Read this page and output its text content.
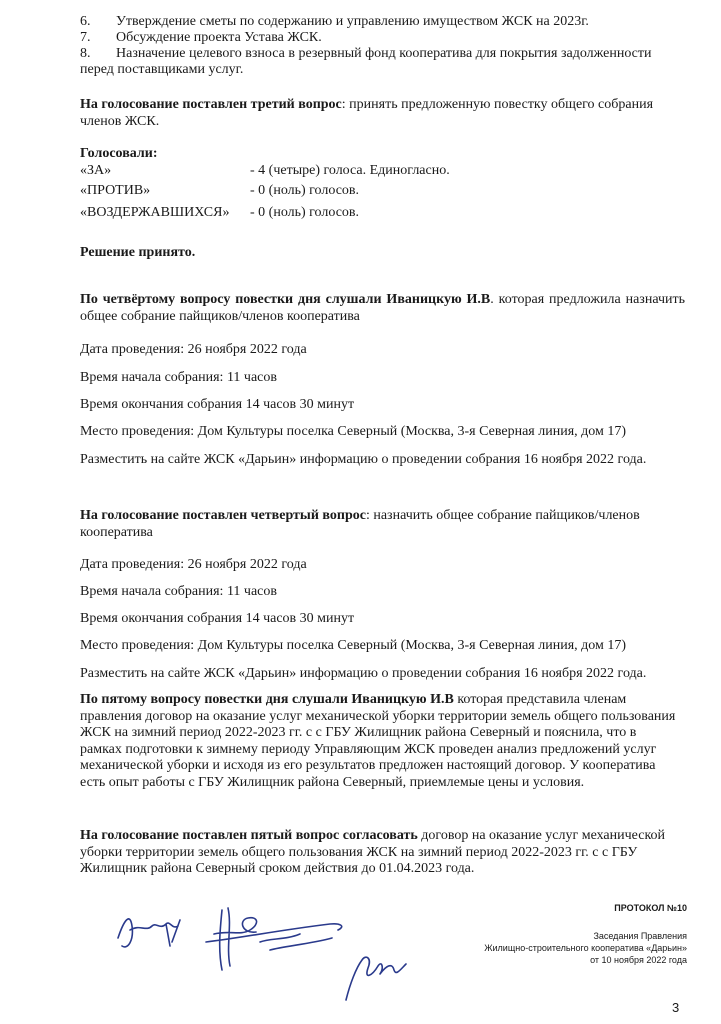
6. Утверждение сметы по содержанию и управлению имуществом ЖСК на 2023г.
7. Обсуждение проекта Устава ЖСК.
8. Назначение целевого взноса в резервный фонд кооператива для покрытия задолженности
перед поставщиками услуг.
На голосование поставлен третий вопрос: принять предложенную повестку общего собрания членов ЖСК.
Голосовали:
«ЗА»	- 4 (четыре) голоса. Единогласно.
«ПРОТИВ»	- 0 (ноль) голосов.
«ВОЗДЕРЖАВШИХСЯ» - 0 (ноль) голосов.
Решение принято.
По четвёртому вопросу повестки дня слушали Иваницкую И.В. которая предложила назначить общее собрание пайщиков/членов кооператива
Дата проведения: 26 ноября 2022 года
Время начала собрания: 11 часов
Время окончания собрания 14 часов 30 минут
Место проведения: Дом Культуры поселка Северный (Москва, 3-я Северная линия, дом 17)
Разместить на сайте ЖСК «Дарьин» информацию о проведении собрания 16 ноября 2022 года.
На голосование поставлен четвертый вопрос: назначить общее собрание пайщиков/членов кооператива
Дата проведения: 26 ноября 2022 года
Время начала собрания: 11 часов
Время окончания собрания 14 часов 30 минут
Место проведения: Дом Культуры поселка Северный (Москва, 3-я Северная линия, дом 17)
Разместить на сайте ЖСК «Дарьин» информацию о проведении собрания 16 ноября 2022 года.
По пятому вопросу повестки дня слушали Иваницкую И.В которая представила членам правления договор на оказание услуг механической уборки территории земель общего пользования ЖСК на зимний период 2022-2023 гг. с с ГБУ Жилищник района Северный и пояснила, что в рамках подготовки к зимнему периоду Управляющим ЖСК проведен анализ предложений услуг механической уборки и исходя из его результатов предложен настоящий договор. У кооператива есть опыт работы с ГБУ Жилищник района Северный, приемлемые цены и условия.
На голосование поставлен пятый вопрос согласовать договор на оказание услуг механической уборки территории земель общего пользования ЖСК на зимний период 2022-2023 гг. с с ГБУ Жилищник района Северный сроком действия до 01.04.2023 года.
ПРОТОКОЛ №10
Заседания Правления
Жилищно-строительного кооператива «Дарьин»
от 10 ноября 2022 года
3
